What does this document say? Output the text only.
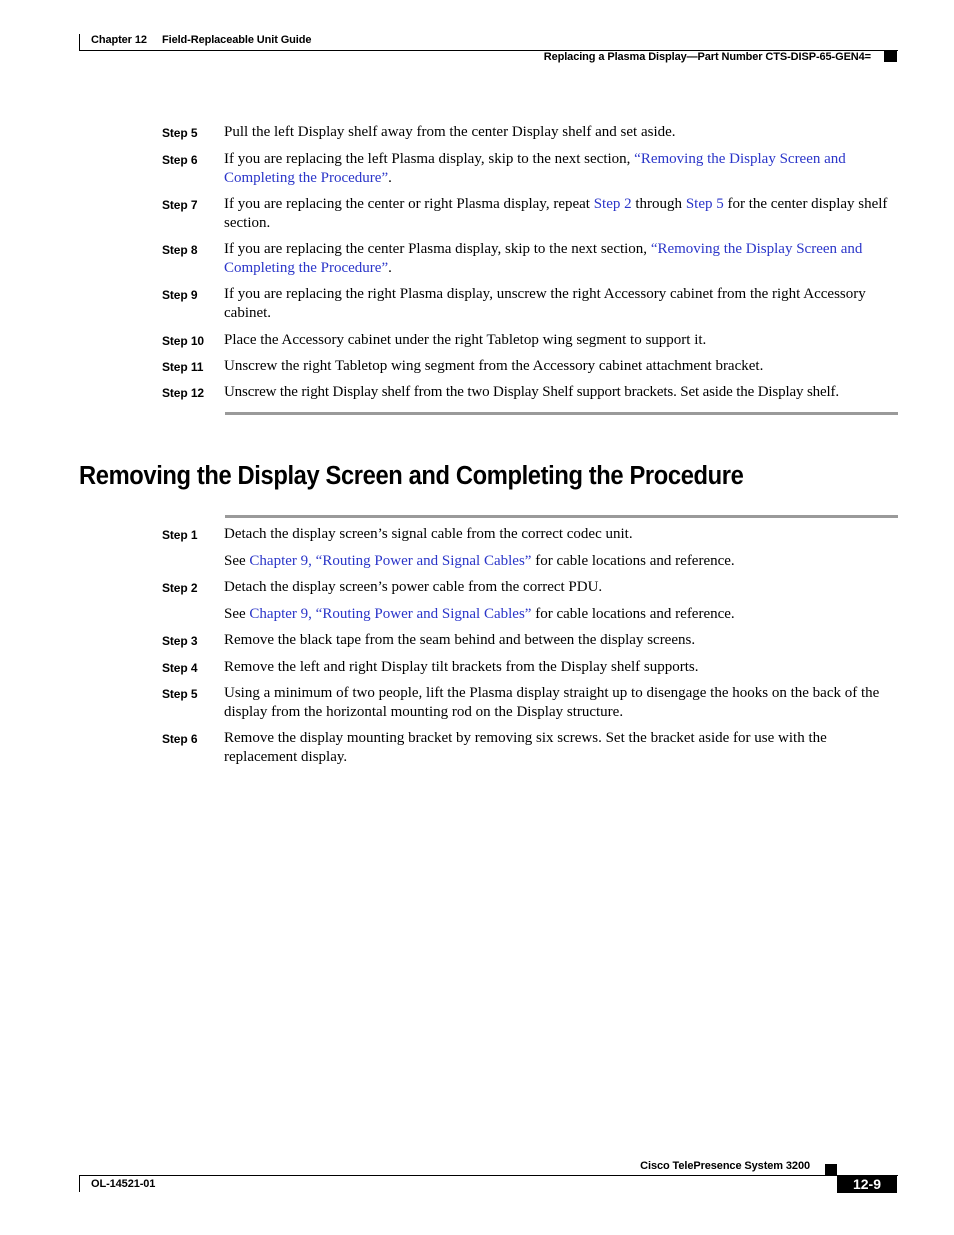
Chapter 12 Field-Replaceable Unit Guide
Replacing a Plasma Display—Part Number CTS-DISP-65-GEN4=
Step 5 Pull the left Display shelf away from the center Display shelf and set aside.
Step 6 If you are replacing the left Plasma display, skip to the next section, “Removing the Display Screen and Completing the Procedure”.
Step 7 If you are replacing the center or right Plasma display, repeat Step 2 through Step 5 for the center display shelf section.
Step 8 If you are replacing the center Plasma display, skip to the next section, “Removing the Display Screen and Completing the Procedure”.
Step 9 If you are replacing the right Plasma display, unscrew the right Accessory cabinet from the right Accessory cabinet.
Step 10 Place the Accessory cabinet under the right Tabletop wing segment to support it.
Step 11 Unscrew the right Tabletop wing segment from the Accessory cabinet attachment bracket.
Step 12 Unscrew the right Display shelf from the two Display Shelf support brackets. Set aside the Display shelf.
Removing the Display Screen and Completing the Procedure
Step 1 Detach the display screen’s signal cable from the correct codec unit.
See Chapter 9, “Routing Power and Signal Cables” for cable locations and reference.
Step 2 Detach the display screen’s power cable from the correct PDU.
See Chapter 9, “Routing Power and Signal Cables” for cable locations and reference.
Step 3 Remove the black tape from the seam behind and between the display screens.
Step 4 Remove the left and right Display tilt brackets from the Display shelf supports.
Step 5 Using a minimum of two people, lift the Plasma display straight up to disengage the hooks on the back of the display from the horizontal mounting rod on the Display structure.
Step 6 Remove the display mounting bracket by removing six screws. Set the bracket aside for use with the replacement display.
Cisco TelePresence System 3200
OL-14521-01	12-9
